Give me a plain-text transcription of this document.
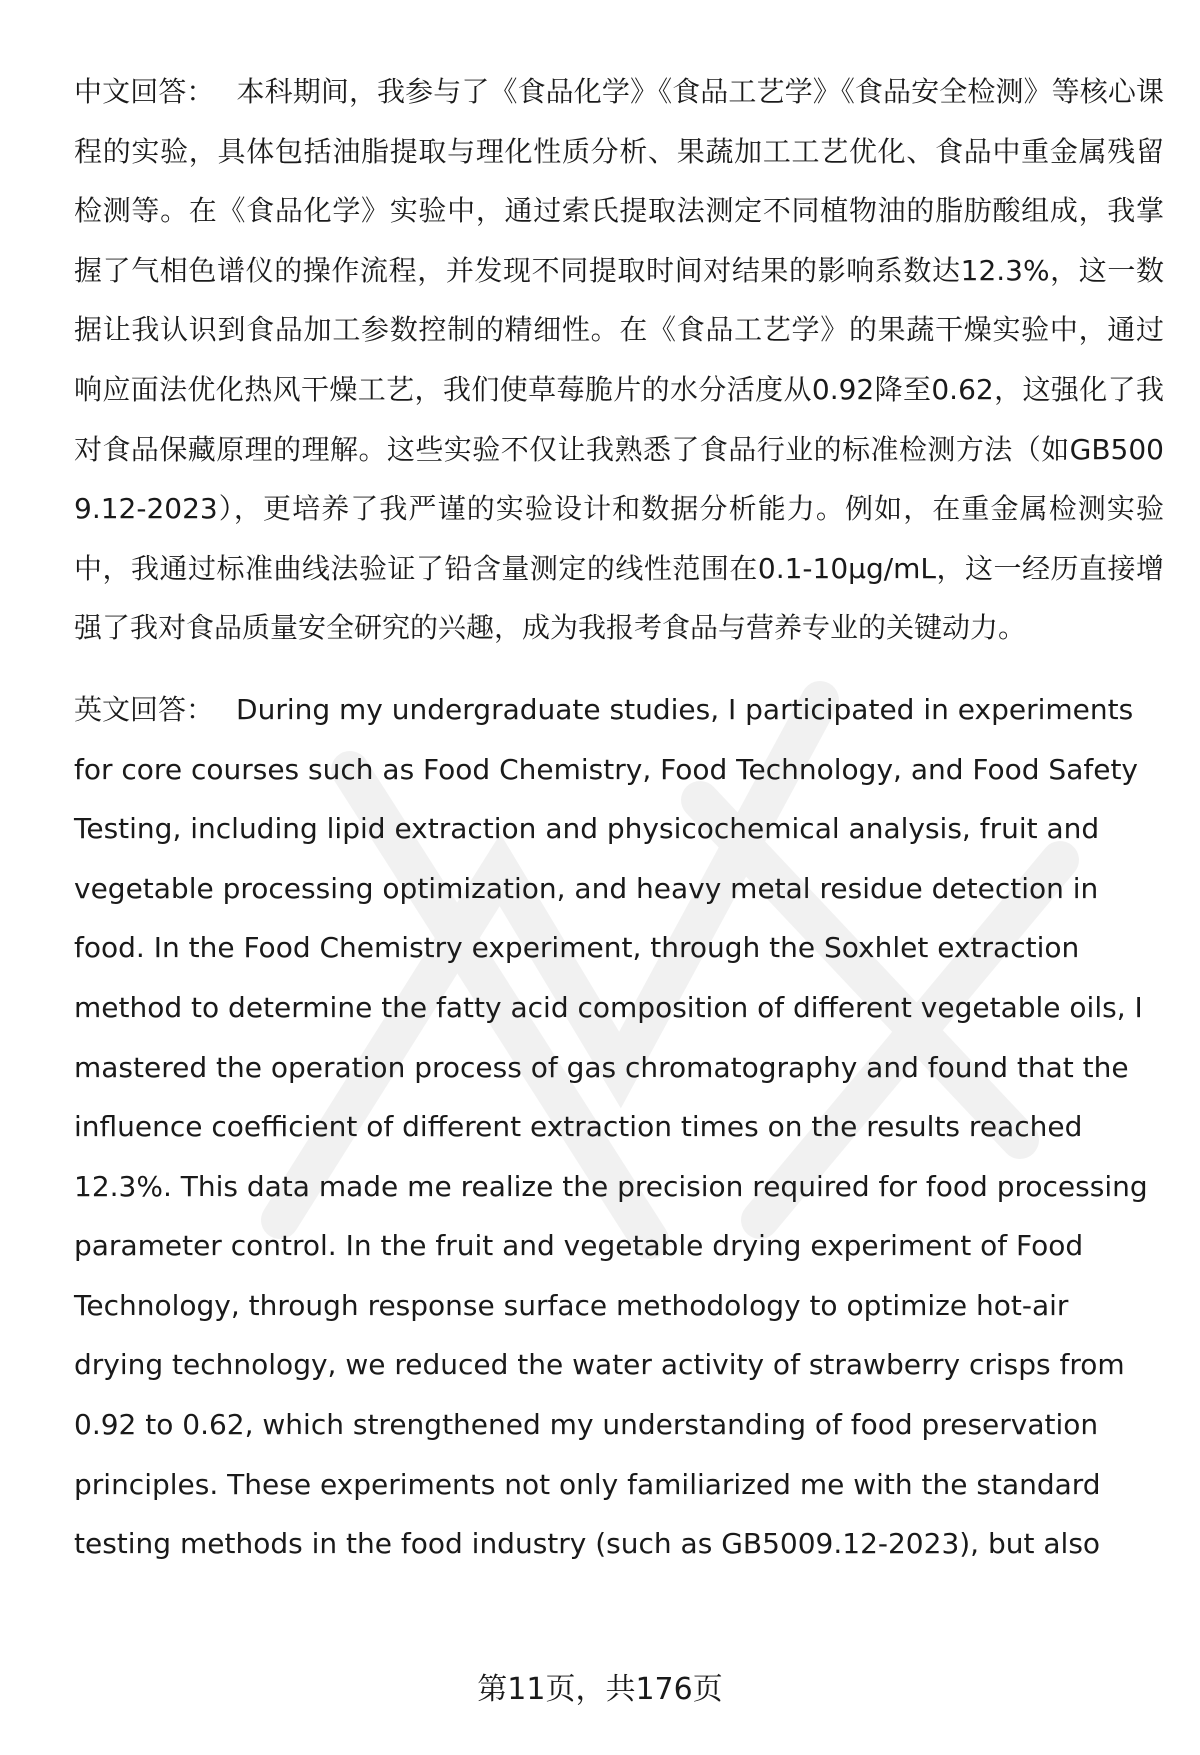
中文回答： 本科期间，我参与了《食品化学》《食品工艺学》《食品安全检测》等核心课程的实验，具体包括油脂提取与理化性质分析、果蔬加工工艺优化、食品中重金属残留检测等。在《食品化学》实验中，通过索氏提取法测定不同植物油的脂肪酸组成，我掌握了气相色谱仪的操作流程，并发现不同提取时间对结果的影响系数达12.3%，这一数据让我认识到食品加工参数控制的精细性。在《食品工艺学》的果蔬干燥实验中，通过响应面法优化热风干燥工艺，我们使草莓脆片的水分活度从0.92降至0.62，这强化了我对食品保藏原理的理解。这些实验不仅让我熟悉了食品行业的标准检测方法（如GB5009.12-2023），更培养了我严谨的实验设计和数据分析能力。例如，在重金属检测实验中，我通过标准曲线法验证了铅含量测定的线性范围在0.1-10μg/mL，这一经历直接增强了我对食品质量安全研究的兴趣，成为我报考食品与营养专业的关键动力。

英文回答： During my undergraduate studies, I participated in experiments for core courses such as Food Chemistry, Food Technology, and Food Safety Testing, including lipid extraction and physicochemical analysis, fruit and vegetable processing optimization, and heavy metal residue detection in food. In the Food Chemistry experiment, through the Soxhlet extraction method to determine the fatty acid composition of different vegetable oils, I mastered the operation process of gas chromatography and found that the influence coefficient of different extraction times on the results reached 12.3%. This data made me realize the precision required for food processing parameter control. In the fruit and vegetable drying experiment of Food Technology, through response surface methodology to optimize hot-air drying technology, we reduced the water activity of strawberry crisps from 0.92 to 0.62, which strengthened my understanding of food preservation principles. These experiments not only familiarized me with the standard testing methods in the food industry (such as GB5009.12-2023), but also

第11页，共176页
